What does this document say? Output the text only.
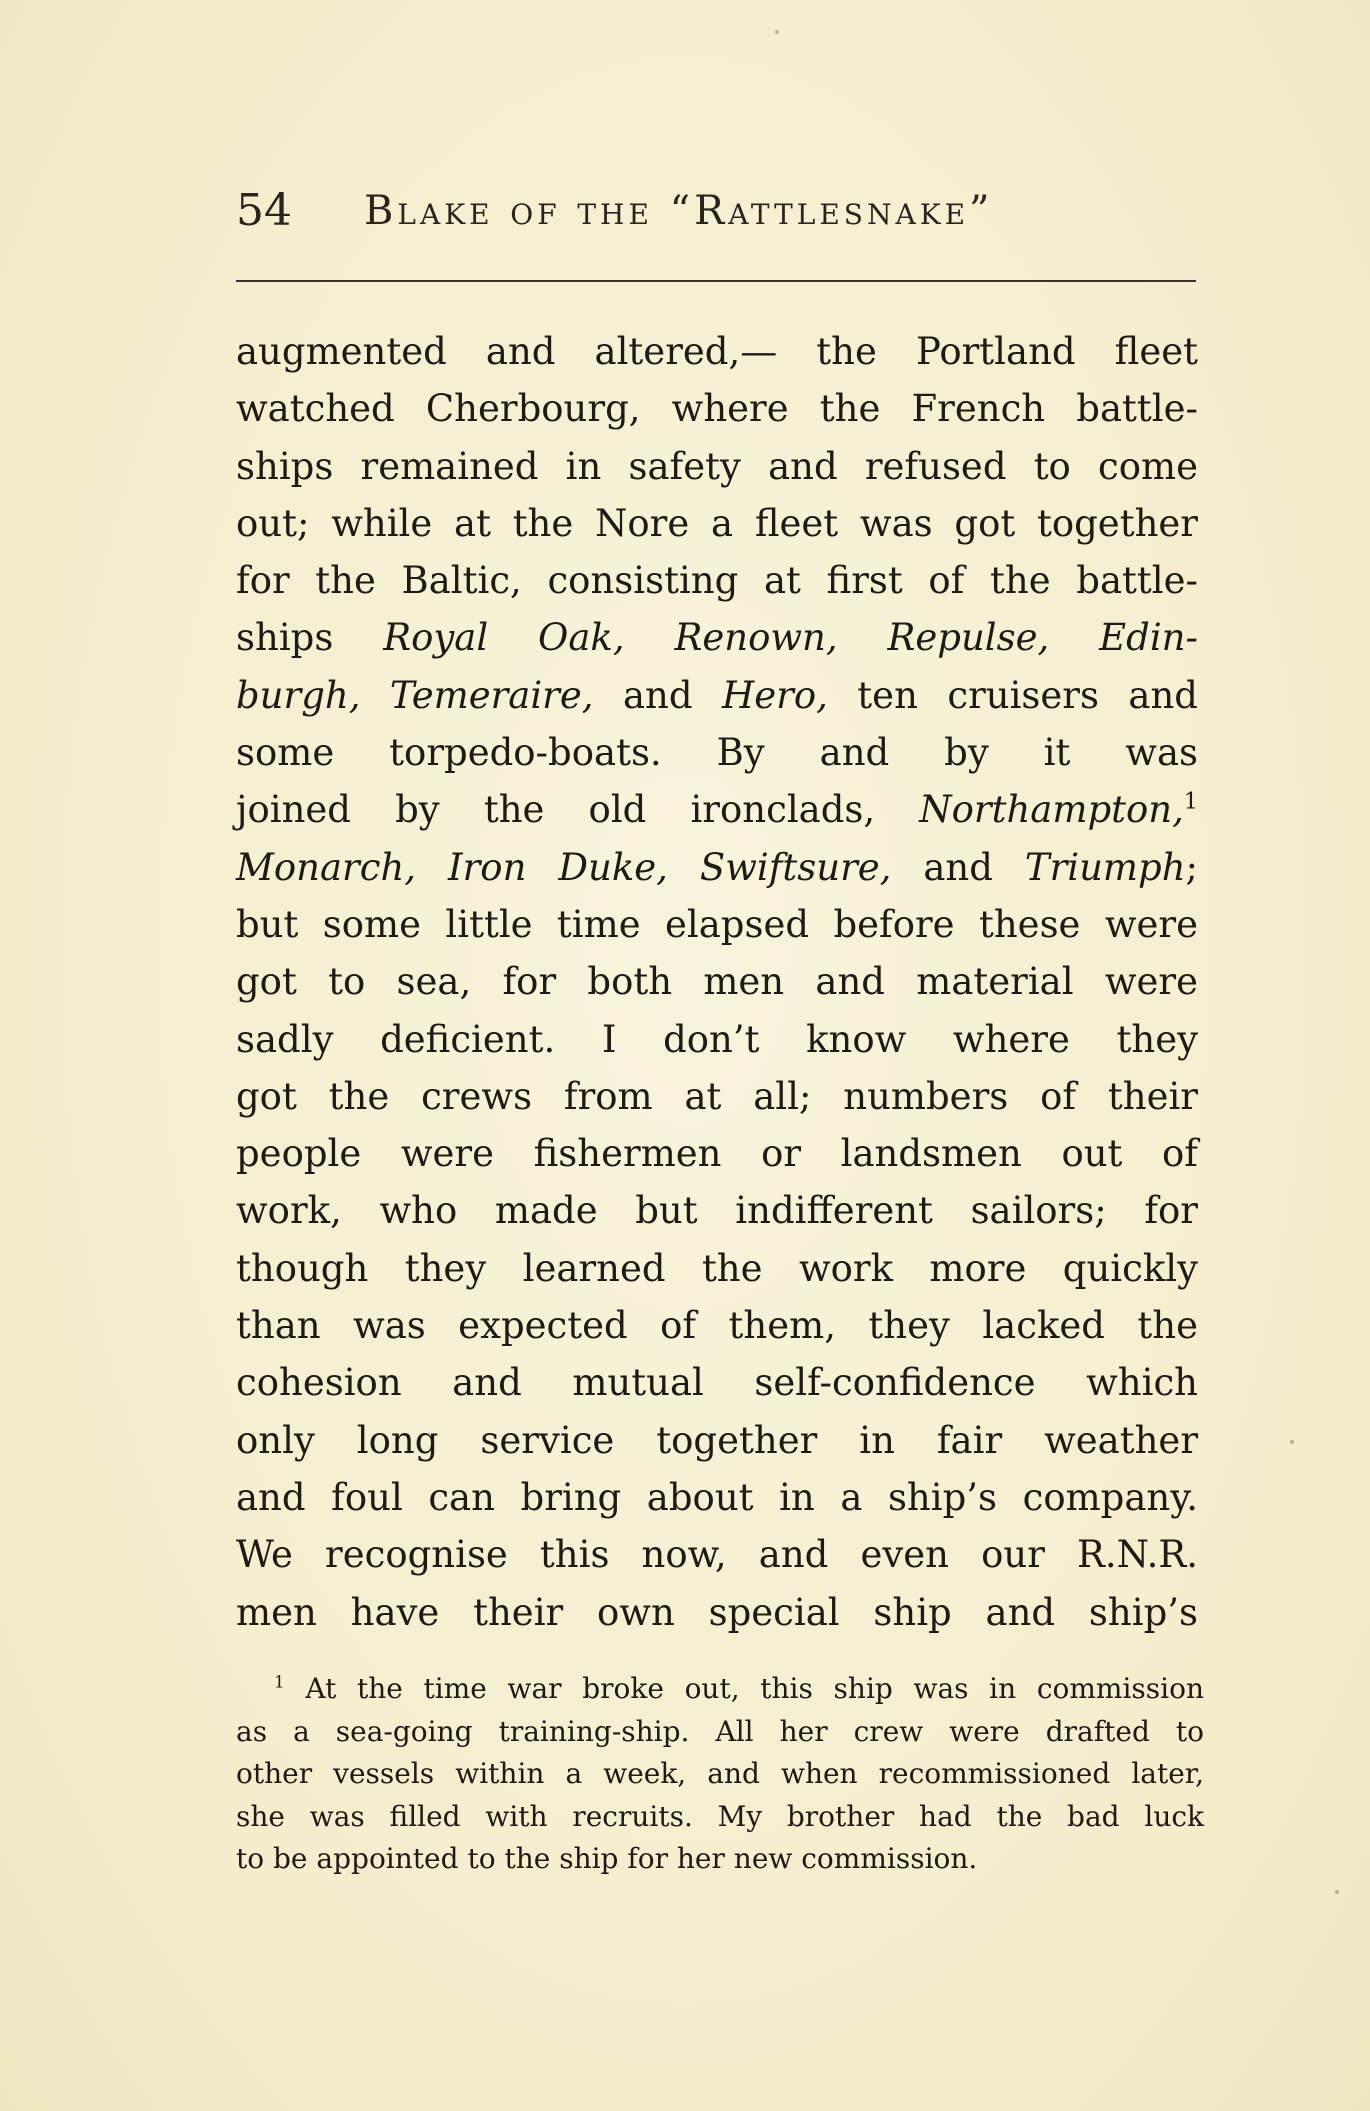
54 Blake of the “Rattlesnake”
augmented and altered,— the Portland fleet
watched Cherbourg, where the French battle-
ships remained in safety and refused to come
out; while at the Nore a fleet was got together
for the Baltic, consisting at first of the battle-
ships Royal Oak, Renown, Repulse, Edin-
burgh, Temeraire, and Hero, ten cruisers and
some torpedo-boats. By and by it was
joined by the old ironclads, Northampton,$^1$
Monarch, Iron Duke, Swiftsure, and Triumph;
but some little time elapsed before these were
got to sea, for both men and material were
sadly deficient. I don’t know where they
got the crews from at all; numbers of their
people were fishermen or landsmen out of
work, who made but indifferent sailors; for
though they learned the work more quickly
than was expected of them, they lacked the
cohesion and mutual self-confidence which
only long service together in fair weather
and foul can bring about in a ship’s company.
We recognise this now, and even our R.N.R.
men have their own special ship and ship’s
$^1$ At the time war broke out, this ship was in commission
as a sea-going training-ship. All her crew were drafted to
other vessels within a week, and when recommissioned later,
she was filled with recruits. My brother had the bad luck
to be appointed to the ship for her new commission.
